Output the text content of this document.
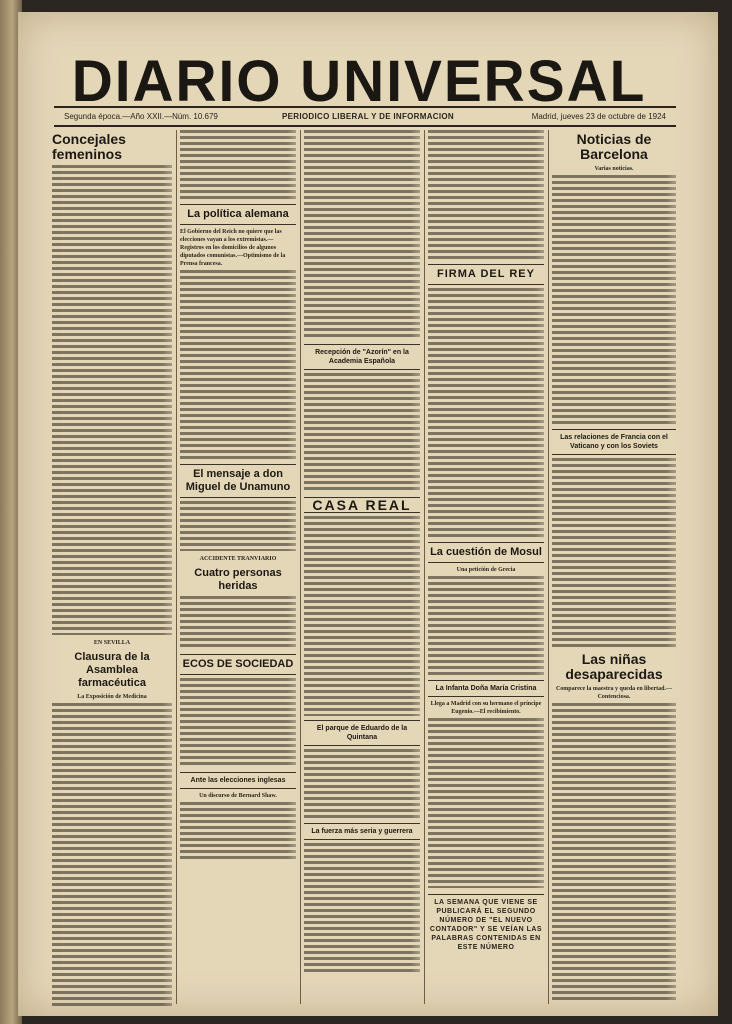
DIARIO UNIVERSAL
Segunda época.—Año XXII.—Núm. 10.679	PERIODICO LIBERAL Y DE INFORMACION	Madrid, jueves 23 de octubre de 1924
Concejales femeninos
EN SEVILLA
Clausura de la Asamblea farmacéutica
La Exposición de Medicina
La política alemana
El Gobierno del Reich no quiere que las elecciones vayan a los extremistas.—Registros en los domicilios de algunos diputados comunistas.—Optimismo de la Prensa francesa.
El mensaje a don Miguel de Unamuno
ACCIDENTE TRANVIARIO
Cuatro personas heridas
ECOS DE SOCIEDAD
Ante las elecciones inglesas
Un discurso de Bernard Shaw.
Recepción de "Azorín" en la Academia Española
CASA REAL
El parque de Eduardo de la Quintana
La fuerza más seria y guerrera
FIRMA DEL REY
La cuestión de Mosul
Una petición de Grecia
La Infanta Doña María Cristina
Llega a Madrid con su hermano el príncipe Eugenio.—El recibimiento.
LA SEMANA QUE VIENE SE PUBLICARÁ EL SEGUNDO NÚMERO DE "EL NUEVO CONTADOR" Y SE VEÍAN LAS PALABRAS CONTENIDAS EN ESTE NÚMERO
Noticias de Barcelona
Varias noticias.
Las relaciones de Francia con el Vaticano y con los Soviets
Las niñas desaparecidas
Comparece la maestra y queda en libertad.—Contenciosa.
